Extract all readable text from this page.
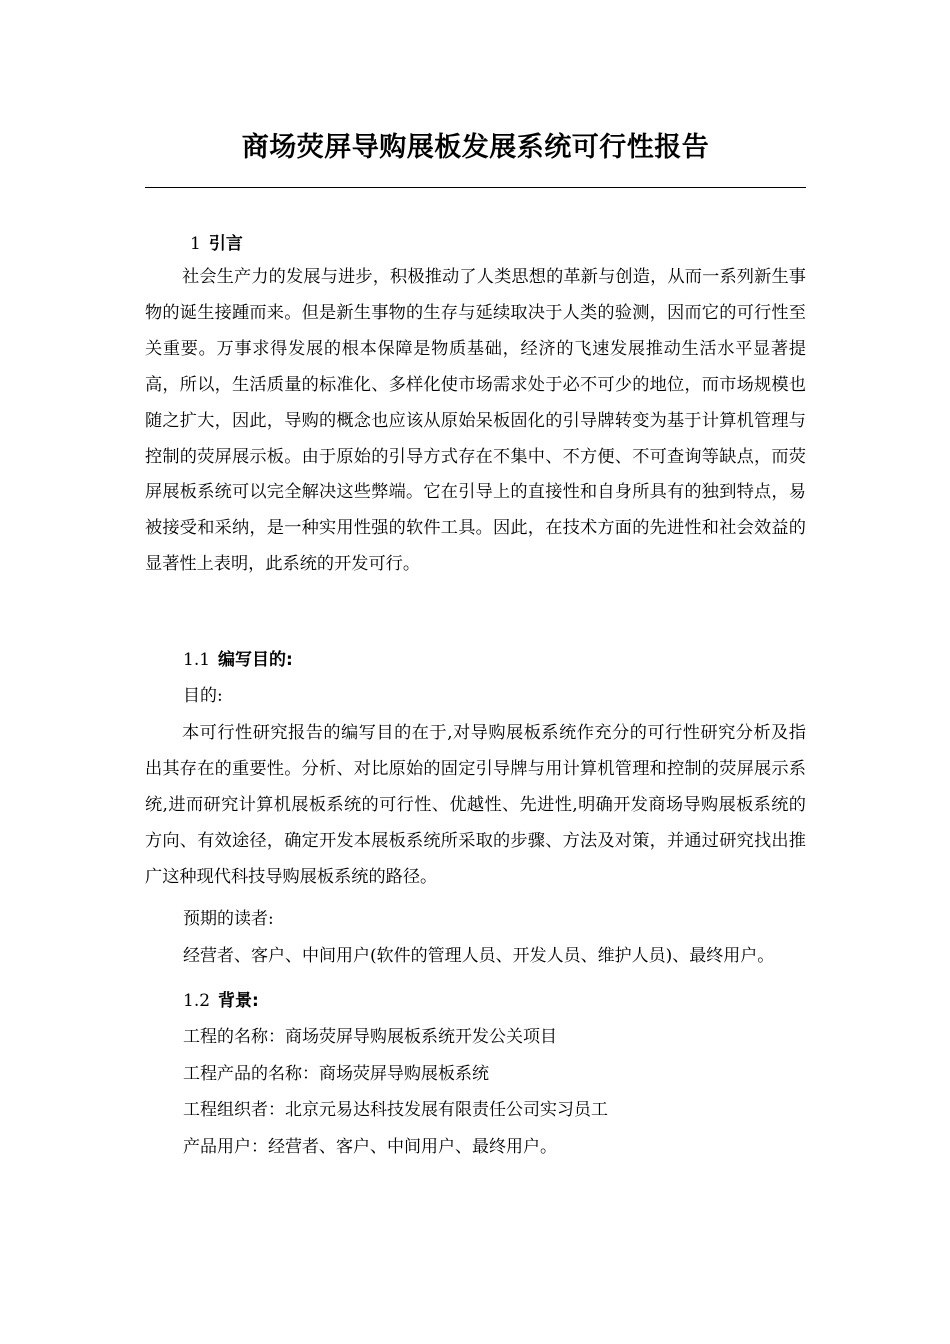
商场荧屏导购展板发展系统可行性报告
1 引言

社会生产力的发展与进步，积极推动了人类思想的革新与创造，从而一系列新生事物的诞生接踵而来。但是新生事物的生存与延续取决于人类的验测，因而它的可行性至关重要。万事求得发展的根本保障是物质基础，经济的飞速发展推动生活水平显著提高，所以，生活质量的标准化、多样化使市场需求处于必不可少的地位，而市场规模也随之扩大，因此，导购的概念也应该从原始呆板固化的引导牌转变为基于计算机管理与控制的荧屏展示板。由于原始的引导方式存在不集中、不方便、不可查询等缺点，而荧屏展板系统可以完全解决这些弊端。它在引导上的直接性和自身所具有的独到特点，易被接受和采纳，是一种实用性强的软件工具。因此，在技术方面的先进性和社会效益的显著性上表明，此系统的开发可行。

1.1 编写目的:
目的:

本可行性研究报告的编写目的在于,对导购展板系统作充分的可行性研究分析及指出其存在的重要性。分析、对比原始的固定引导牌与用计算机管理和控制的荧屏展示系统,进而研究计算机展板系统的可行性、优越性、先进性,明确开发商场导购展板系统的方向、有效途径，确定开发本展板系统所采取的步骤、方法及对策，并通过研究找出推广这种现代科技导购展板系统的路径。

预期的读者:
经营者、客户、中间用户(软件的管理人员、开发人员、维护人员)、最终用户。
1.2 背景:
工程的名称：商场荧屏导购展板系统开发公关项目
工程产品的名称：商场荧屏导购展板系统
工程组织者：北京元易达科技发展有限责任公司实习员工
产品用户：经营者、客户、中间用户、最终用户。
